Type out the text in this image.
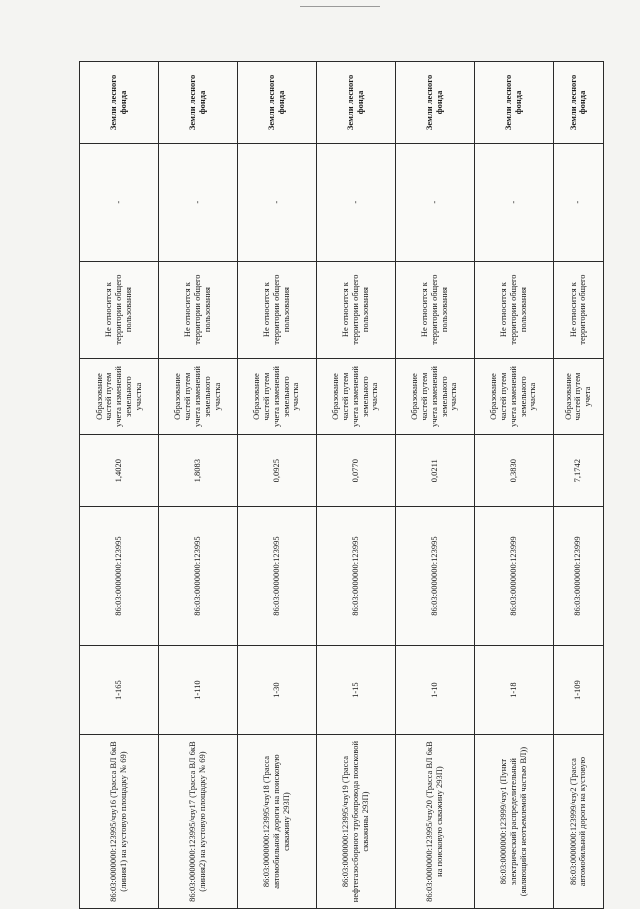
86:03:0000000:123995/чзу16 (Трасса ВЛ 6кВ (линия1) на кустовую площадку № 69)	1-165	86:03:0000000:123995	1,4020	Образование частей путем учета изменений земельного участка	Не относится к территории общего пользования	-	Земли лесного фонда
86:03:0000000:123995/чзу17 (Трасса ВЛ 6кВ (линия2) на кустовую площадку № 69)	1-110	86:03:0000000:123995	1,8083	Образование частей путем учета изменений земельного участка	Не относится к территории общего пользования	-	Земли лесного фонда
86:03:0000000:123995/чзу18 (Трасса автомобильной дороги на поисковую скважину 293П)	1-30	86:03:0000000:123995	0,0925	Образование частей путем учета изменений земельного участка	Не относится к территории общего пользования	-	Земли лесного фонда
86:03:0000000:123995/чзу19 (Трасса нефтегазосборного трубопровода поисковой скважины 293П)	1-15	86:03:0000000:123995	0,0770	Образование частей путем учета изменений земельного участка	Не относится к территории общего пользования	-	Земли лесного фонда
86:03:0000000:123995/чзу20 (Трасса ВЛ 6кВ на поисковую скважину 293П)	1-10	86:03:0000000:123995	0,0211	Образование частей путем учета изменений земельного участка	Не относится к территории общего пользования	-	Земли лесного фонда
86:03:0000000:123999/чзу1 (Пункт электрический распределительный (являющийся неотъемлемой частью ВЛ))	1-18	86:03:0000000:123999	0,3830	Образование частей путем учета изменений земельного участка	Не относится к территории общего пользования	-	Земли лесного фонда
86:03:0000000:123999/чзу2 (Трасса автомобильной дороги на кустовую	1-109	86:03:0000000:123999	7,1742	Образование частей путем учета	Не относится к территории общего	-	Земли лесного фонда
